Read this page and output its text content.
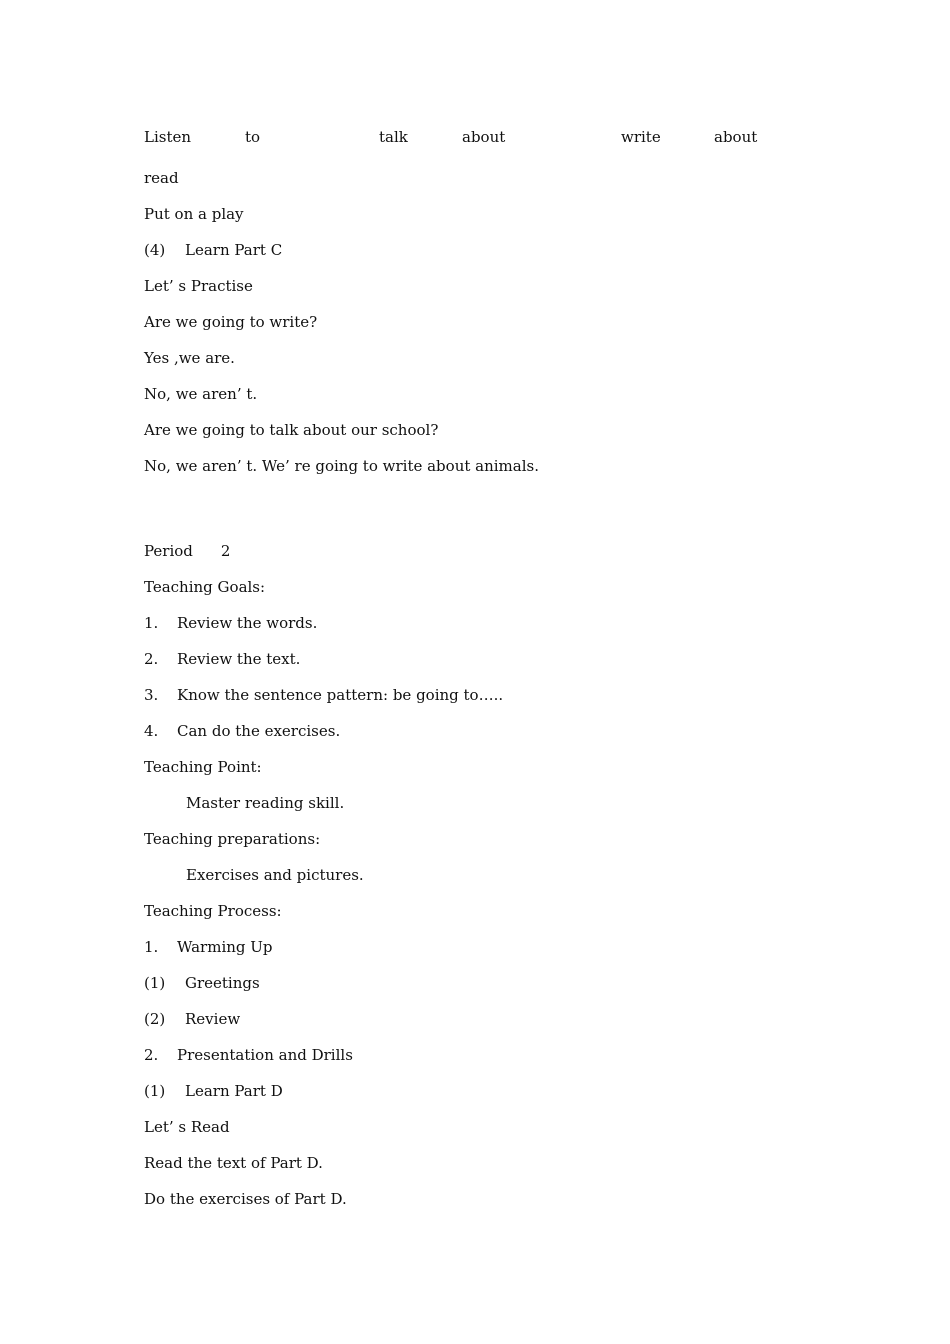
Listen	to	talk	about	write	about
read
Put on a play
(4) Learn Part C
Let’ s Practise
Are we going to write?
Yes ,we are.
No, we aren’ t.
Are we going to talk about our school?
No, we aren’ t. We’ re going to write about animals.
Period 2
Teaching Goals:
1. Review the words.
2. Review the text.
3. Know the sentence pattern: be going to…..
4. Can do the exercises.
Teaching Point:
Master reading skill.
Teaching preparations:
Exercises and pictures.
Teaching Process:
1. Warming Up
(1) Greetings
(2) Review
2. Presentation and Drills
(1) Learn Part D
Let’ s Read
Read the text of Part D.
Do the exercises of Part D.
